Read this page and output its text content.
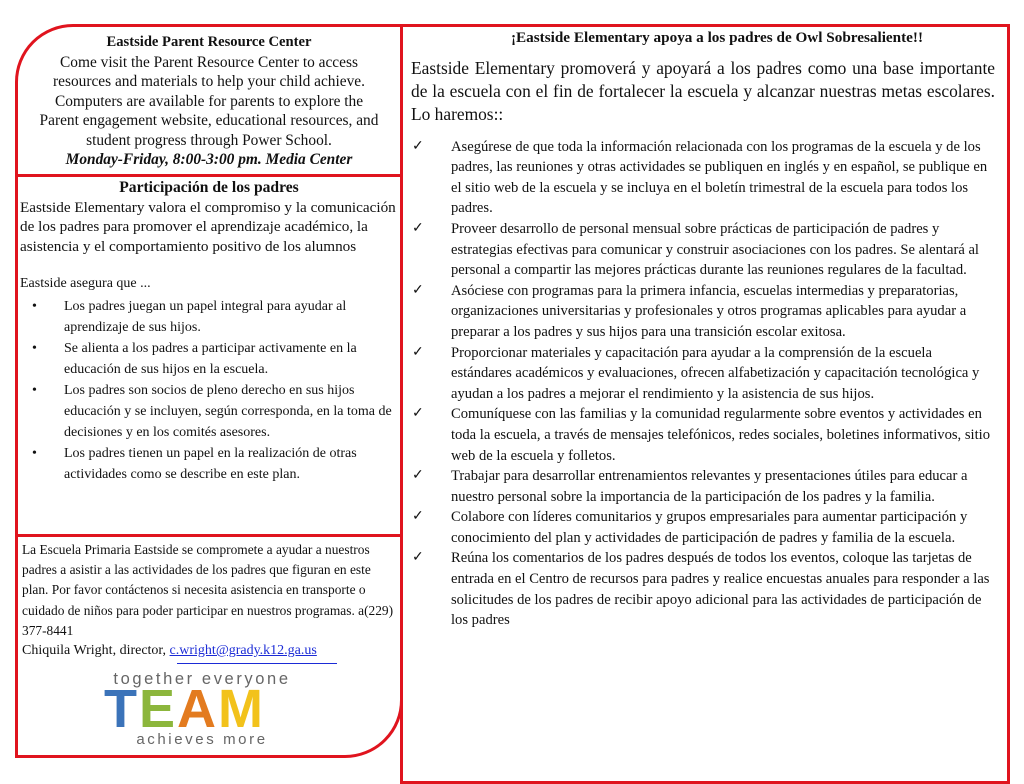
Eastside Parent Resource Center
Come visit the Parent Resource Center to access resources and materials to help your child achieve. Computers are available for parents to explore the Parent engagement website, educational resources, and student progress through Power School.
Monday-Friday, 8:00-3:00 pm. Media Center
Participación de los padres
Eastside Elementary valora el compromiso y la comunicación de los padres para promover el aprendizaje académico, la asistencia y el comportamiento positivo de los alumnos
Eastside asegura que ...
• Los padres juegan un papel integral para ayudar al aprendizaje de sus hijos.
• Se alienta a los padres a participar activamente en la educación de sus hijos en la escuela.
• Los padres son socios de pleno derecho en sus hijos educación y se incluyen, según corresponda, en la toma de decisiones y en los comités asesores.
• Los padres tienen un papel en la realización de otras actividades como se describe en este plan.
La Escuela Primaria Eastside se compromete a ayudar a nuestros padres a asistir a las actividades de los padres que figuran en este plan. Por favor contáctenos si necesita asistencia en transporte o cuidado de niños para poder participar en nuestros programas. a(229) 377-8441
Chiquila Wright, director, c.wright@grady.k12.ga.us
together everyone
TEAM
achieves more
¡Eastside Elementary apoya a los padres de Owl Sobresaliente!!
Eastside Elementary promoverá y apoyará a los padres como una base importante de la escuela con el fin de fortalecer la escuela y alcanzar nuestras metas escolares. Lo haremos::
✓ Asegúrese de que toda la información relacionada con los programas de la escuela y de los padres, las reuniones y otras actividades se publiquen en inglés y en español, se publique en el sitio web de la escuela y se incluya en el boletín trimestral de la escuela para todos los padres.
✓ Proveer desarrollo de personal mensual sobre prácticas de participación de padres y estrategias efectivas para comunicar y construir asociaciones con los padres. Se alentará al personal a compartir las mejores prácticas durante las reuniones regulares de la facultad.
✓ Asóciese con programas para la primera infancia, escuelas intermedias y preparatorias, organizaciones universitarias y profesionales y otros programas aplicables para ayudar a preparar a los padres y sus hijos para una transición escolar exitosa.
✓ Proporcionar materiales y capacitación para ayudar a la comprensión de la escuela estándares académicos y evaluaciones, ofrecen alfabetización y capacitación tecnológica y ayudan a los padres a mejorar el rendimiento y la asistencia de sus hijos.
✓ Comuníquese con las familias y la comunidad regularmente sobre eventos y actividades en toda la escuela, a través de mensajes telefónicos, redes sociales, boletines informativos, sitio web de la escuela y folletos.
✓ Trabajar para desarrollar entrenamientos relevantes y presentaciones útiles para educar a nuestro personal sobre la importancia de la participación de los padres y la familia.
✓ Colabore con líderes comunitarios y grupos empresariales para aumentar participación y conocimiento del plan y actividades de participación de padres y familia de la escuela.
✓ Reúna los comentarios de los padres después de todos los eventos, coloque las tarjetas de entrada en el Centro de recursos para padres y realice encuestas anuales para responder a las solicitudes de los padres de recibir apoyo adicional para las actividades de participación de los padres
